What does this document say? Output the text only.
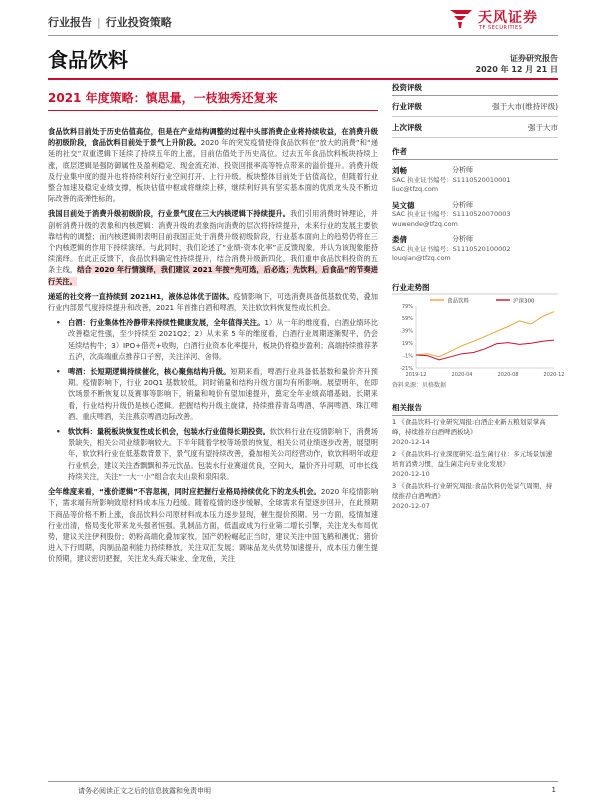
行业报告 | 行业投资策略	天风证券
TF SECURITIES
食品饮料	证券研究报告
2020 年 12 月 21 日
2021 年度策略：慎思量，一枝独秀还复来

食品饮料目前处于历史估值高位，但是在产业结构调整的过程中头部消费企业将持续收益，在消费升级的初级阶段，食品饮料目前处于景气上升阶段。2020 年的突发疫情使得食品饮料在“放大的消费”和“递延的社交”双重逻辑下延续了持续五年的上涨，目前估值处于历史高位。过去五年食品饮料板块持续上涨，底层逻辑是强防御属性及盈利稳定、现金流充沛、投资回报率高等特点带来的溢价提升。消费升级及行业集中度的提升也将持续利好行业空间打开、上行升级。板块整体目前处于估值高位，但随着行业整合加速及稳定业绩支撑，板块估值中枢或将继续上移，继续利好具有坚实基本面的优质龙头及不断边际改善的高弹性标的。

我国目前处于消费升级初级阶段，行业景气度在三大内核逻辑下持续提升。我们引用消费时钟理论，并剖析消费升级的表象和内核逻辑：消费升级的表象指向消费的层次将持续提升，未来行业的发展主要依靠结构的调整；而内核逻辑则表明目前我国正处于消费升级初级阶段，行业基本面向上的趋势仍将在三个内核逻辑的作用下持续演绎。与此同时，我们论述了“业绩-资本化率”正反馈现象，并认为该现象能持续演绎。在此正反馈下，食品饮料确定性持续提升，结合消费升级新四化，我们重申食品饮料投资的五条主线，结合 2020 年行情演绎，我们建议 2021 年按“先可选，后必选；先饮料，后食品”的节奏进行关注。

递延的社交将一直持续到 2021H1，液体总体优于固体。疫情影响下，可选消费具备低基数优势，叠加行业内部景气度持续提升和改善，2021 年首推白酒和啤酒，关注软饮料恢复性成长机会。

• 白酒：行业集体性冷静带来持续性健康发展，全年值得关注。1）从一年的维度看，白酒业绩环比改善稳定性强，至少持续至 2021Q2；2）从未来 5 年的维度看，白酒行业周期逐渐熨平，仍会延续结构牛；3）IPO+借壳+收购，白酒行业资本化率提升，板块仍将稳步盈利；高端持续推荐茅五泸，次高端重点推荐口子窖，关注洋河、舍得。

• 啤酒：长短期逻辑持续催化，核心聚焦结构升级。短期来看，啤酒行业具备低基数和量价齐升预期。疫情影响下，行业 20Q1 基数较低，同时销量和结构升级方面均有所影响。展望明年，在即饮场景不断恢复以及赛事等影响下，销量和吨价有望加速提升，奠定全年业绩高增基础。长期来看，行业结构升级仍是核心逻辑。把握结构升级主旋律，持续推荐青岛啤酒、华润啤酒、珠江啤酒、重庆啤酒，关注燕京啤酒边际改善。

• 软饮料：量税板块恢复性成长机会，包装水行业值得长期投资。软饮料行业在疫情影响下，消费场景缺失，相关公司业绩影响较大。下半年随着学校等场景的恢复，相关公司业绩逐步改善，展望明年，软饮料行业在低基数背景下，景气度有望持续改善，叠加相关公司经营动作，软饮料明年或迎行业机会，建议关注香飘飘和养元饮品。包装水行业赛道优良，空间大，量价齐升可期，可申长线持续关注，关注“一大一小”组合农夫山泉和泉阳泉。

全年维度来看，“涨价逻辑”不容忽视，同时应把握行业格局持续优化下的龙头机会。2020 年疫情影响下，需求端有所影响致原材料成本压力趋缓。随着疫情的逐步缓解，全球需求有望逐步回升，在此预期下商品等价格不断上涨，食品饮料公司原材料成本压力逐步显现，催生提价预期。另一方面，疫情加速行业出清，格局变化带来龙头强者恒强。乳制品方面，低温或成为行业第二增长引擎，关注龙头布局优势，建议关注伊利股份；奶粉高端化叠加家牧，国产奶粉崛起正当时，建议关注中国飞鹤和澳优；猪价进入下行周期，肉制品盈利能力持续释放，关注双汇发展；调味品龙头优势加速提升，成本压力催生提价预期，建议密切把握，关注龙头海天味业、金龙鱼，关注

投资评级
行业评级	强于大市(维持评级)
上次评级	强于大市
作者
刘畅	分析师
SAC 执业证书编号：S1110520010001
liuc@tfzq.com
吴文德	分析师
SAC 执业证书编号：S1110520070003
wuwende@tfzq.com
娄倩	分析师
SAC 执业证书编号：S1110520100002
louqian@tfzq.com
行业走势图
食品饮料	沪深300
79%
59%
39%
19%
-1%
-21%
2019-12	2020-04	2020-08	2020-12
资料来源：贝格数据
相关报告
1 《食品饮料-行业研究周报:白酒企业新五粮划景掌高峰，持续推荐白酒啤酒板块》
2020-12-14
2 《食品饮料-行业深度研究:益生菌行业：多元场景加速培育消费习惯，益生菌走向专业化发展》
2020-12-10
3 《食品饮料-行业研究周报:食品饮料仍处景气周期，持续推荐白酒啤酒》
2020-12-07
请务必阅读正文之后的信息披露和免责申明	1
